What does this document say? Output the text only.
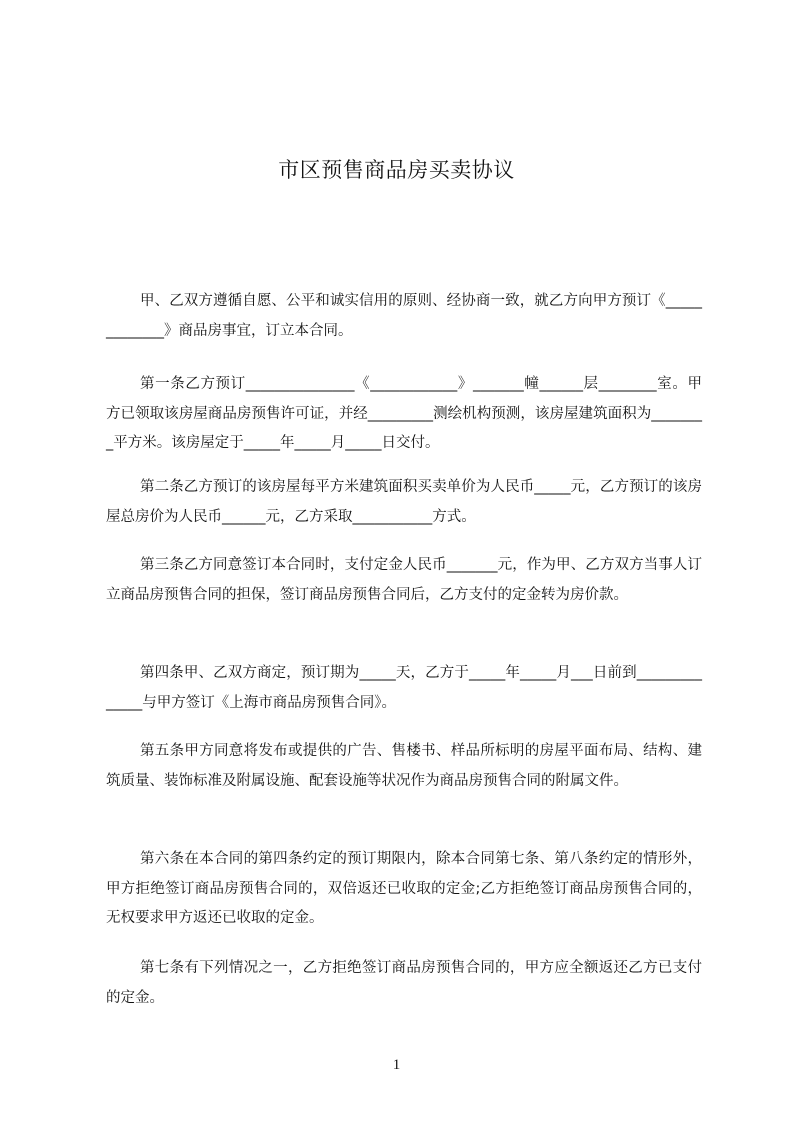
市区预售商品房买卖协议

甲、乙双方遵循自愿、公平和诚实信用的原则、经协商一致，就乙方向甲方预订《_____________》商品房事宜，订立本合同。

第一条乙方预订_______________《____________》_______幢______层________室。甲方已领取该房屋商品房预售许可证，并经_________测绘机构预测，该房屋建筑面积为________平方米。该房屋定于_____年_____月_____日交付。

第二条乙方预订的该房屋每平方米建筑面积买卖单价为人民币_____元，乙方预订的该房屋总房价为人民币______元，乙方采取___________方式。

第三条乙方同意签订本合同时，支付定金人民币_______元，作为甲、乙方双方当事人订立商品房预售合同的担保，签订商品房预售合同后，乙方支付的定金转为房价款。

第四条甲、乙双方商定，预订期为_____天，乙方于_____年_____月___日前到______________与甲方签订《上海市商品房预售合同》。

第五条甲方同意将发布或提供的广告、售楼书、样品所标明的房屋平面布局、结构、建筑质量、装饰标准及附属设施、配套设施等状况作为商品房预售合同的附属文件。

第六条在本合同的第四条约定的预订期限内，除本合同第七条、第八条约定的情形外，甲方拒绝签订商品房预售合同的，双倍返还已收取的定金;乙方拒绝签订商品房预售合同的，无权要求甲方返还已收取的定金。

第七条有下列情况之一，乙方拒绝签订商品房预售合同的，甲方应全额返还乙方已支付的定金。

1
